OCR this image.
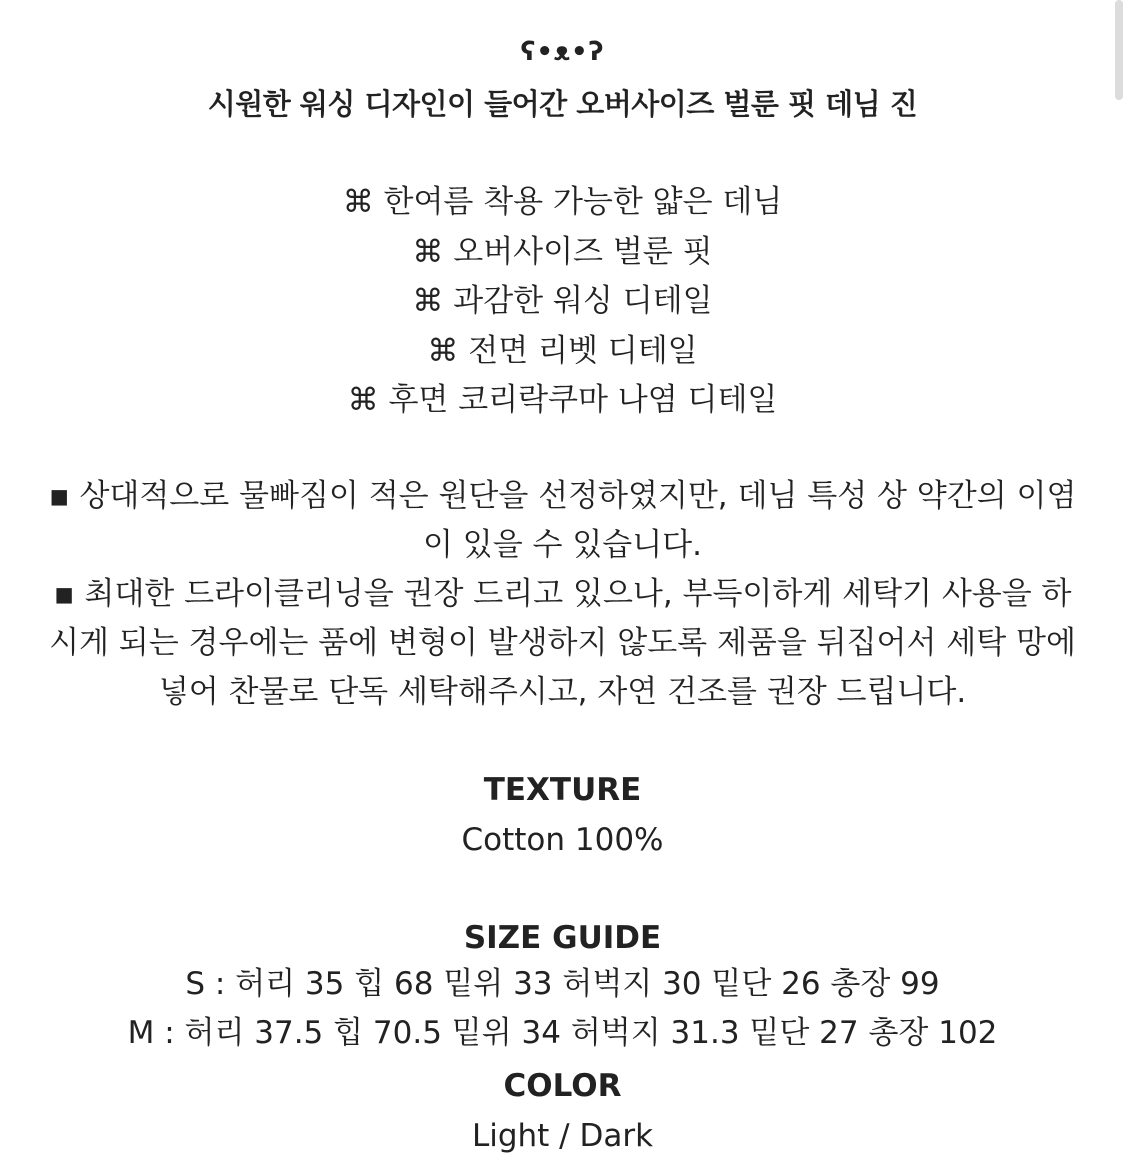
ʕ•ᴥ•ʔ
시원한 워싱 디자인이 들어간 오버사이즈 벌룬 핏 데님 진
⌘ 한여름 착용 가능한 얇은 데님
⌘ 오버사이즈 벌룬 핏
⌘ 과감한 워싱 디테일
⌘ 전면 리벳 디테일
⌘ 후면 코리락쿠마 나염 디테일

▪ 상대적으로 물빠짐이 적은 원단을 선정하였지만, 데님 특성 상 약간의 이염이 있을 수 있습니다.

▪ 최대한 드라이클리닝을 권장 드리고 있으나, 부득이하게 세탁기 사용을 하시게 되는 경우에는 품에 변형이 발생하지 않도록 제품을 뒤집어서 세탁 망에 넣어 찬물로 단독 세탁해주시고, 자연 건조를 권장 드립니다.

TEXTURE
Cotton 100%
SIZE GUIDE
S : 허리 35 힙 68 밑위 33 허벅지 30 밑단 26 총장 99
M : 허리 37.5 힙 70.5 밑위 34 허벅지 31.3 밑단 27 총장 102
COLOR
Light / Dark
